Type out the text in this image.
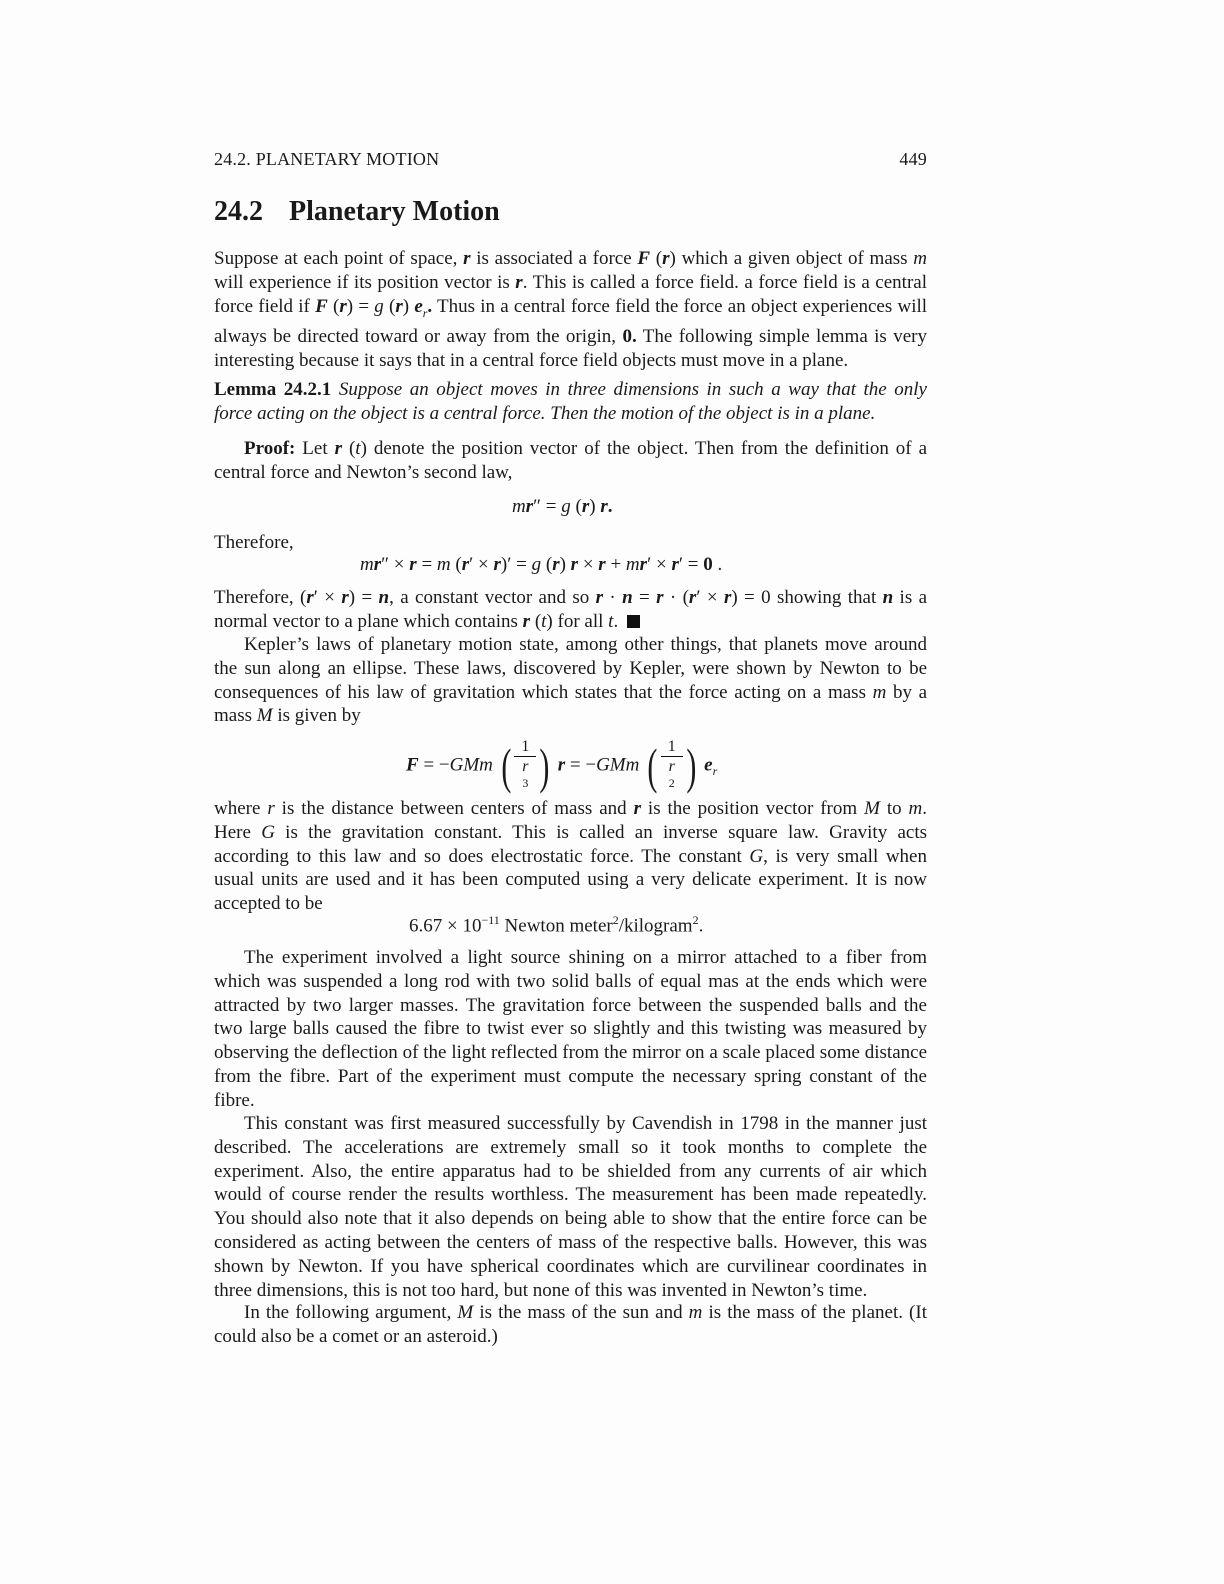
24.2. PLANETARY MOTION	449
24.2 Planetary Motion

Suppose at each point of space, r is associated a force F (r) which a given object of mass m will experience if its position vector is r. This is called a force field. a force field is a central force field if F (r) = g (r) $e_r$. Thus in a central force field the force an object experiences will always be directed toward or away from the origin, 0. The following simple lemma is very interesting because it says that in a central force field objects must move in a plane.

Lemma 24.2.1 Suppose an object moves in three dimensions in such a way that the only force acting on the object is a central force. Then the motion of the object is in a plane.

Proof: Let r (t) denote the position vector of the object. Then from the definition of a central force and Newton’s second law,

mr″ = g (r) r.

Therefore,

mr″ × r = m (r′ × r)′ = g (r) r × r + mr′ × r′ = 0 .

Therefore, (r′ × r) = n, a constant vector and so r · n = r · (r′ × r) = 0 showing that n is a normal vector to a plane which contains r (t) for all t.

Kepler’s laws of planetary motion state, among other things, that planets move around the sun along an ellipse. These laws, discovered by Kepler, were shown by Newton to be consequences of his law of gravitation which states that the force acting on a mass m by a mass M is given by

F = −GMm ( 1
r
$^3$ ) r = −GMm ( 1
r
$^2$ ) $e_r$

where r is the distance between centers of mass and r is the position vector from M to m. Here G is the gravitation constant. This is called an inverse square law. Gravity acts according to this law and so does electrostatic force. The constant G, is very small when usual units are used and it has been computed using a very delicate experiment. It is now accepted to be

$6.67 \times 10^{-11}$ Newton meter$^2$/kilogram$^2$.

The experiment involved a light source shining on a mirror attached to a fiber from which was suspended a long rod with two solid balls of equal mas at the ends which were attracted by two larger masses. The gravitation force between the suspended balls and the two large balls caused the fibre to twist ever so slightly and this twisting was measured by observing the deflection of the light reflected from the mirror on a scale placed some distance from the fibre. Part of the experiment must compute the necessary spring constant of the fibre.

This constant was first measured successfully by Cavendish in 1798 in the manner just described. The accelerations are extremely small so it took months to complete the experiment. Also, the entire apparatus had to be shielded from any currents of air which would of course render the results worthless. The measurement has been made repeatedly. You should also note that it also depends on being able to show that the entire force can be considered as acting between the centers of mass of the respective balls. However, this was shown by Newton. If you have spherical coordinates which are curvilinear coordinates in three dimensions, this is not too hard, but none of this was invented in Newton’s time.

In the following argument, M is the mass of the sun and m is the mass of the planet. (It could also be a comet or an asteroid.)
